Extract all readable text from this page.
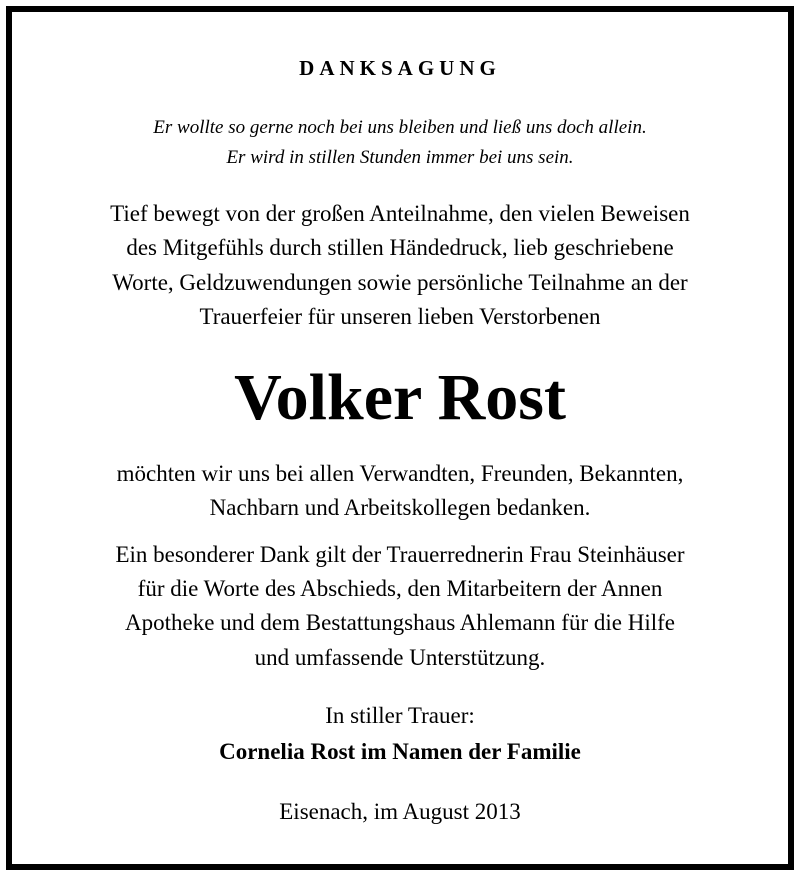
DANKSAGUNG
Er wollte so gerne noch bei uns bleiben und ließ uns doch allein.
Er wird in stillen Stunden immer bei uns sein.
Tief bewegt von der großen Anteilnahme, den vielen Beweisen
des Mitgefühls durch stillen Händedruck, lieb geschriebene
Worte, Geldzuwendungen sowie persönliche Teilnahme an der
Trauerfeier für unseren lieben Verstorbenen
Volker Rost
möchten wir uns bei allen Verwandten, Freunden, Bekannten,
Nachbarn und Arbeitskollegen bedanken.
Ein besonderer Dank gilt der Trauerrednerin Frau Steinhäuser
für die Worte des Abschieds, den Mitarbeitern der Annen
Apotheke und dem Bestattungshaus Ahlemann für die Hilfe
und umfassende Unterstützung.
In stiller Trauer:
Cornelia Rost im Namen der Familie
Eisenach, im August 2013
